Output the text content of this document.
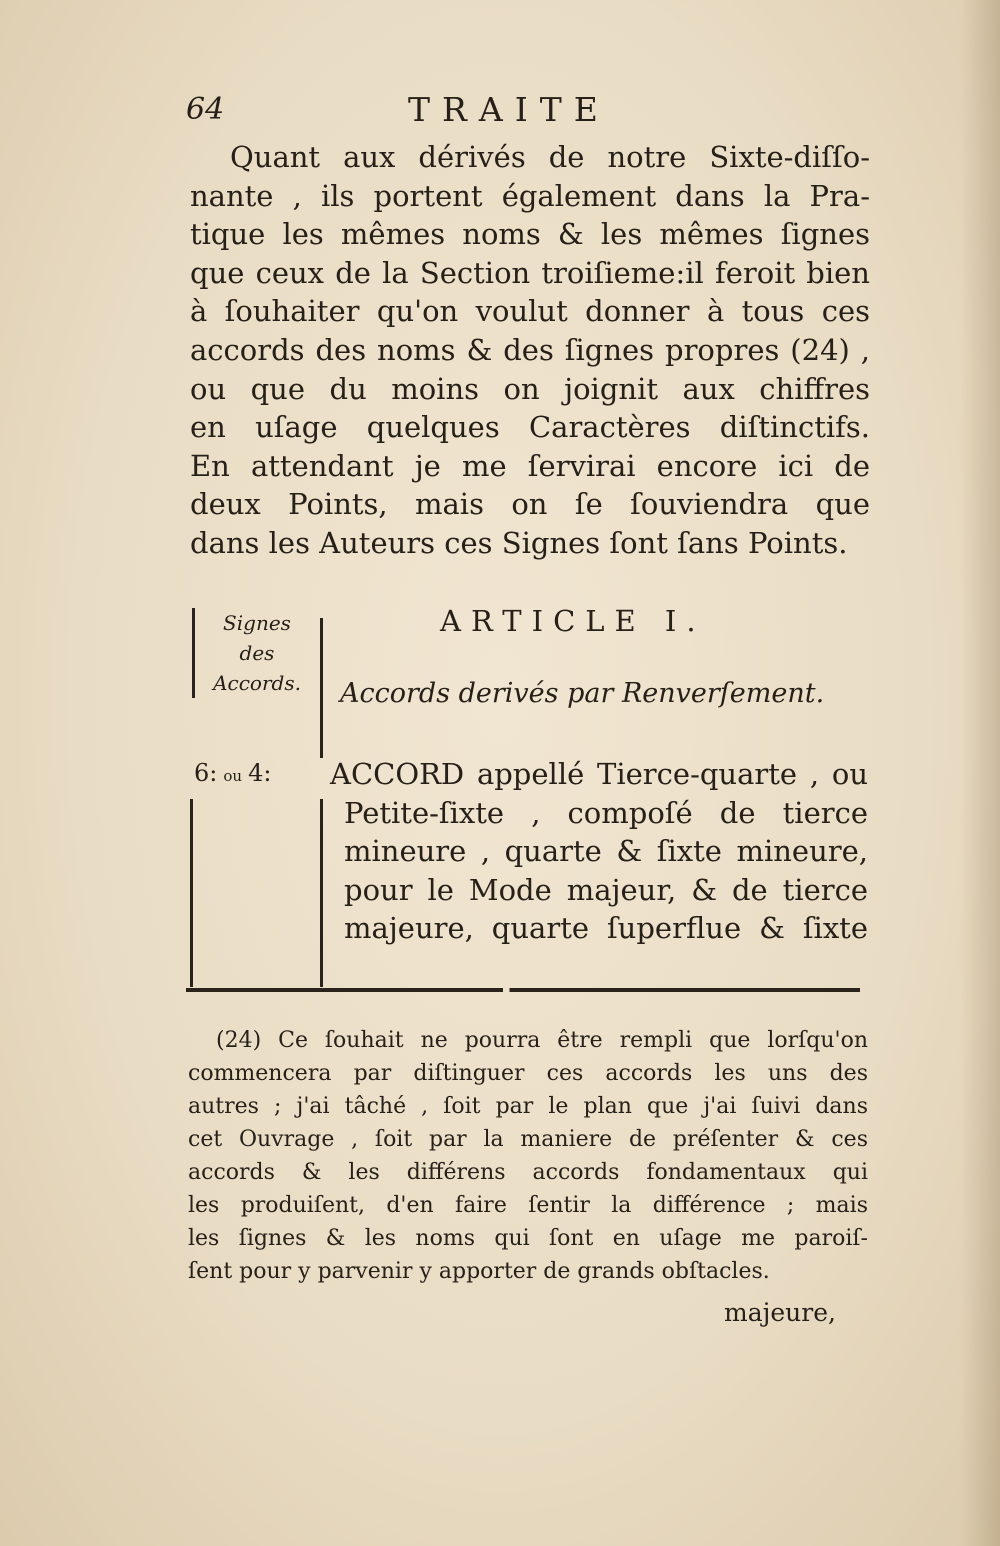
64	TRAITE
Quant aux dérivés de notre Sixte-diſſo-
nante , ils portent également dans la Pra-
tique les mêmes noms & les mêmes ſignes
que ceux de la Section troiſieme:il feroit bien
à ſouhaiter qu'on voulut donner à tous ces
accords des noms & des ſignes propres (24) ,
ou que du moins on joignit aux chiffres
en uſage quelques Caractères diſtinctifs.
En attendant je me ſervirai encore ici de
deux Points, mais on ſe ſouviendra que
dans les Auteurs ces Signes ſont ſans Points.
Signes
des
Accords.
ARTICLE I.
Accords derivés par Renverſement.
6: ou 4: ACCORD appellé Tierce-quarte , ou
Petite-ſixte , compoſé de tierce
mineure , quarte & ſixte mineure,
pour le Mode majeur, & de tierce
majeure, quarte ſuperflue & ſixte
(24) Ce ſouhait ne pourra être rempli que lorſqu'on
commencera par diſtinguer ces accords les uns des
autres ; j'ai tâché , ſoit par le plan que j'ai ſuivi dans
cet Ouvrage , ſoit par la maniere de préſenter & ces
accords & les différens accords fondamentaux qui
les produiſent, d'en faire ſentir la différence ; mais
les ſignes & les noms qui ſont en uſage me paroiſ-
ſent pour y parvenir y apporter de grands obſtacles.
majeure,
